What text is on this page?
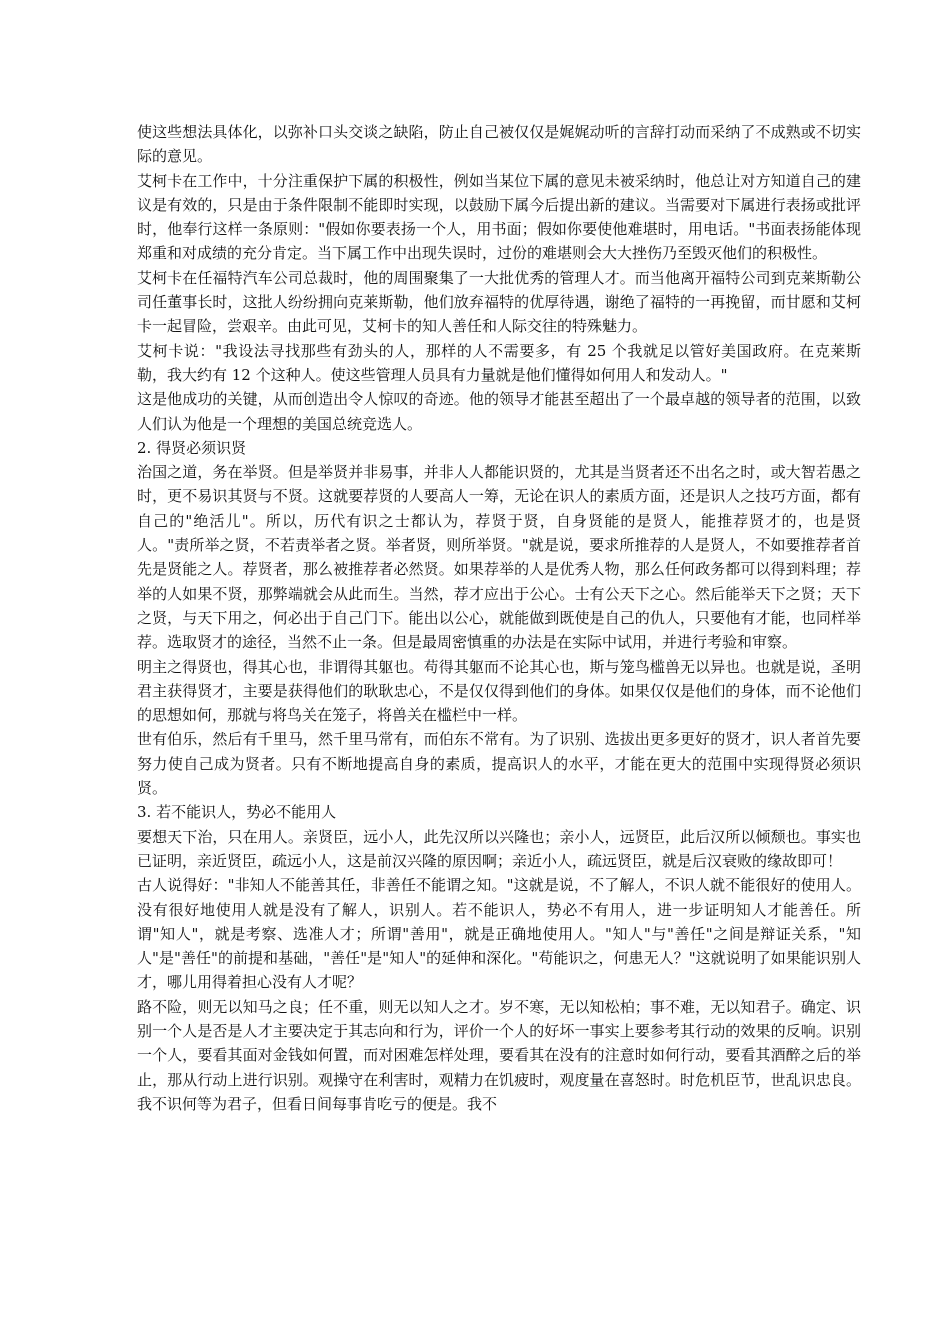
使这些想法具体化，以弥补口头交谈之缺陷，防止自己被仅仅是娓娓动听的言辞打动而采纳了不成熟或不切实际的意见。

艾柯卡在工作中，十分注重保护下属的积极性，例如当某位下属的意见未被采纳时，他总让对方知道自己的建议是有效的，只是由于条件限制不能即时实现，以鼓励下属今后提出新的建议。当需要对下属进行表扬或批评时，他奉行这样一条原则："假如你要表扬一个人，用书面；假如你要使他难堪时，用电话。"书面表扬能体现郑重和对成绩的充分肯定。当下属工作中出现失误时，过份的难堪则会大大挫伤乃至毁灭他们的积极性。

艾柯卡在任福特汽车公司总裁时，他的周围聚集了一大批优秀的管理人才。而当他离开福特公司到克莱斯勒公司任董事长时，这批人纷纷拥向克莱斯勒，他们放弃福特的优厚待遇，谢绝了福特的一再挽留，而甘愿和艾柯卡一起冒险，尝艰辛。由此可见，艾柯卡的知人善任和人际交往的特殊魅力。

艾柯卡说："我设法寻找那些有劲头的人，那样的人不需要多，有 25 个我就足以管好美国政府。在克莱斯勒，我大约有 12 个这种人。使这些管理人员具有力量就是他们懂得如何用人和发动人。"

这是他成功的关键，从而创造出令人惊叹的奇迹。他的领导才能甚至超出了一个最卓越的领导者的范围，以致人们认为他是一个理想的美国总统竞选人。

2. 得贤必须识贤

治国之道，务在举贤。但是举贤并非易事，并非人人都能识贤的，尤其是当贤者还不出名之时，或大智若愚之时，更不易识其贤与不贤。这就要荐贤的人要高人一筹，无论在识人的素质方面，还是识人之技巧方面，都有自己的"绝活儿"。所以，历代有识之士都认为，荐贤于贤，自身贤能的是贤人，能推荐贤才的，也是贤人。"责所举之贤，不若责举者之贤。举者贤，则所举贤。"就是说，要求所推荐的人是贤人，不如要推荐者首先是贤能之人。荐贤者，那么被推荐者必然贤。如果荐举的人是优秀人物，那么任何政务都可以得到料理；荐举的人如果不贤，那弊端就会从此而生。当然，荐才应出于公心。士有公天下之心。然后能举天下之贤；天下之贤，与天下用之，何必出于自己门下。能出以公心，就能做到既使是自己的仇人，只要他有才能，也同样举荐。选取贤才的途径，当然不止一条。但是最周密慎重的办法是在实际中试用，并进行考验和审察。

明主之得贤也，得其心也，非谓得其躯也。苟得其躯而不论其心也，斯与笼鸟槛兽无以异也。也就是说，圣明君主获得贤才，主要是获得他们的耿耿忠心，不是仅仅得到他们的身体。如果仅仅是他们的身体，而不论他们的思想如何，那就与将鸟关在笼子，将兽关在槛栏中一样。

世有伯乐，然后有千里马，然千里马常有，而伯东不常有。为了识别、选拔出更多更好的贤才，识人者首先要努力使自己成为贤者。只有不断地提高自身的素质，提高识人的水平，才能在更大的范围中实现得贤必须识贤。

3. 若不能识人，势必不能用人

要想天下治，只在用人。亲贤臣，远小人，此先汉所以兴隆也；亲小人，远贤臣，此后汉所以倾颓也。事实也已证明，亲近贤臣，疏远小人，这是前汉兴隆的原因啊；亲近小人，疏远贤臣，就是后汉衰败的缘故即可！

古人说得好："非知人不能善其任，非善任不能谓之知。"这就是说，不了解人，不识人就不能很好的使用人。没有很好地使用人就是没有了解人，识别人。若不能识人，势必不有用人，进一步证明知人才能善任。所谓"知人"，就是考察、选准人才；所谓"善用"，就是正确地使用人。"知人"与"善任"之间是辩证关系，"知人"是"善任"的前提和基础，"善任"是"知人"的延伸和深化。"苟能识之，何患无人？"这就说明了如果能识别人才，哪儿用得着担心没有人才呢？

路不险，则无以知马之良；任不重，则无以知人之才。岁不寒，无以知松柏；事不难，无以知君子。确定、识别一个人是否是人才主要决定于其志向和行为，评价一个人的好坏一事实上要参考其行动的效果的反响。识别一个人，要看其面对金钱如何置，而对困难怎样处理，要看其在没有的注意时如何行动，要看其酒醉之后的举止，那从行动上进行识别。观操守在利害时，观精力在饥疲时，观度量在喜怒时。时危机臣节，世乱识忠良。我不识何等为君子，但看日间每事肯吃亏的便是。我不
